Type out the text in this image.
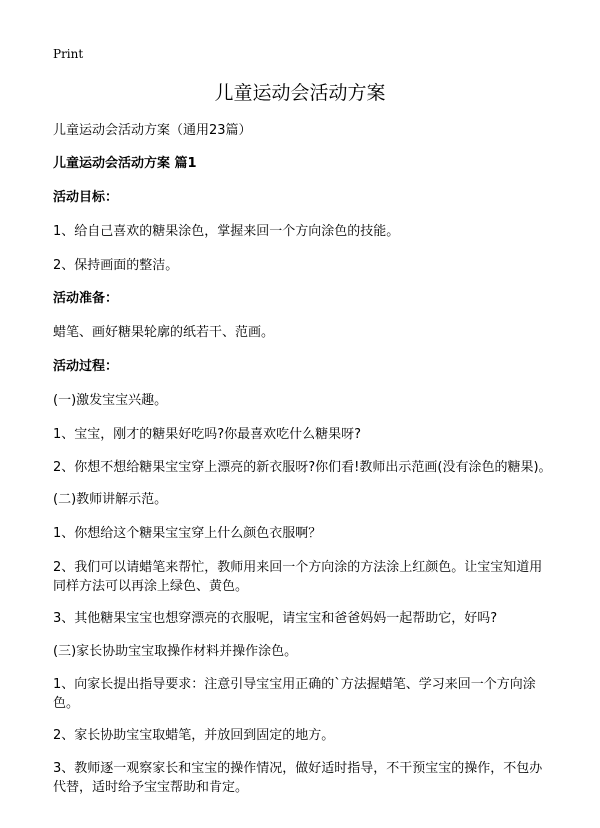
Print
儿童运动会活动方案

儿童运动会活动方案（通用23篇）

儿童运动会活动方案 篇1

活动目标：

1、给自己喜欢的糖果涂色，掌握来回一个方向涂色的技能。

2、保持画面的整洁。

活动准备：

蜡笔、画好糖果轮廓的纸若干、范画。

活动过程：

(一)激发宝宝兴趣。

1、宝宝，刚才的糖果好吃吗?你最喜欢吃什么糖果呀?

2、你想不想给糖果宝宝穿上漂亮的新衣服呀?你们看!教师出示范画(没有涂色的糖果)。

(二)教师讲解示范。

1、你想给这个糖果宝宝穿上什么颜色衣服啊？

2、我们可以请蜡笔来帮忙，教师用来回一个方向涂的方法涂上红颜色。让宝宝知道用同样方法可以再涂上绿色、黄色。

3、其他糖果宝宝也想穿漂亮的衣服呢，请宝宝和爸爸妈妈一起帮助它，好吗?

(三)家长协助宝宝取操作材料并操作涂色。

1、向家长提出指导要求：注意引导宝宝用正确的`方法握蜡笔、学习来回一个方向涂色。

2、家长协助宝宝取蜡笔，并放回到固定的地方。

3、教师逐一观察家长和宝宝的操作情况，做好适时指导，不干预宝宝的操作，不包办代替，适时给予宝宝帮助和肯定。
